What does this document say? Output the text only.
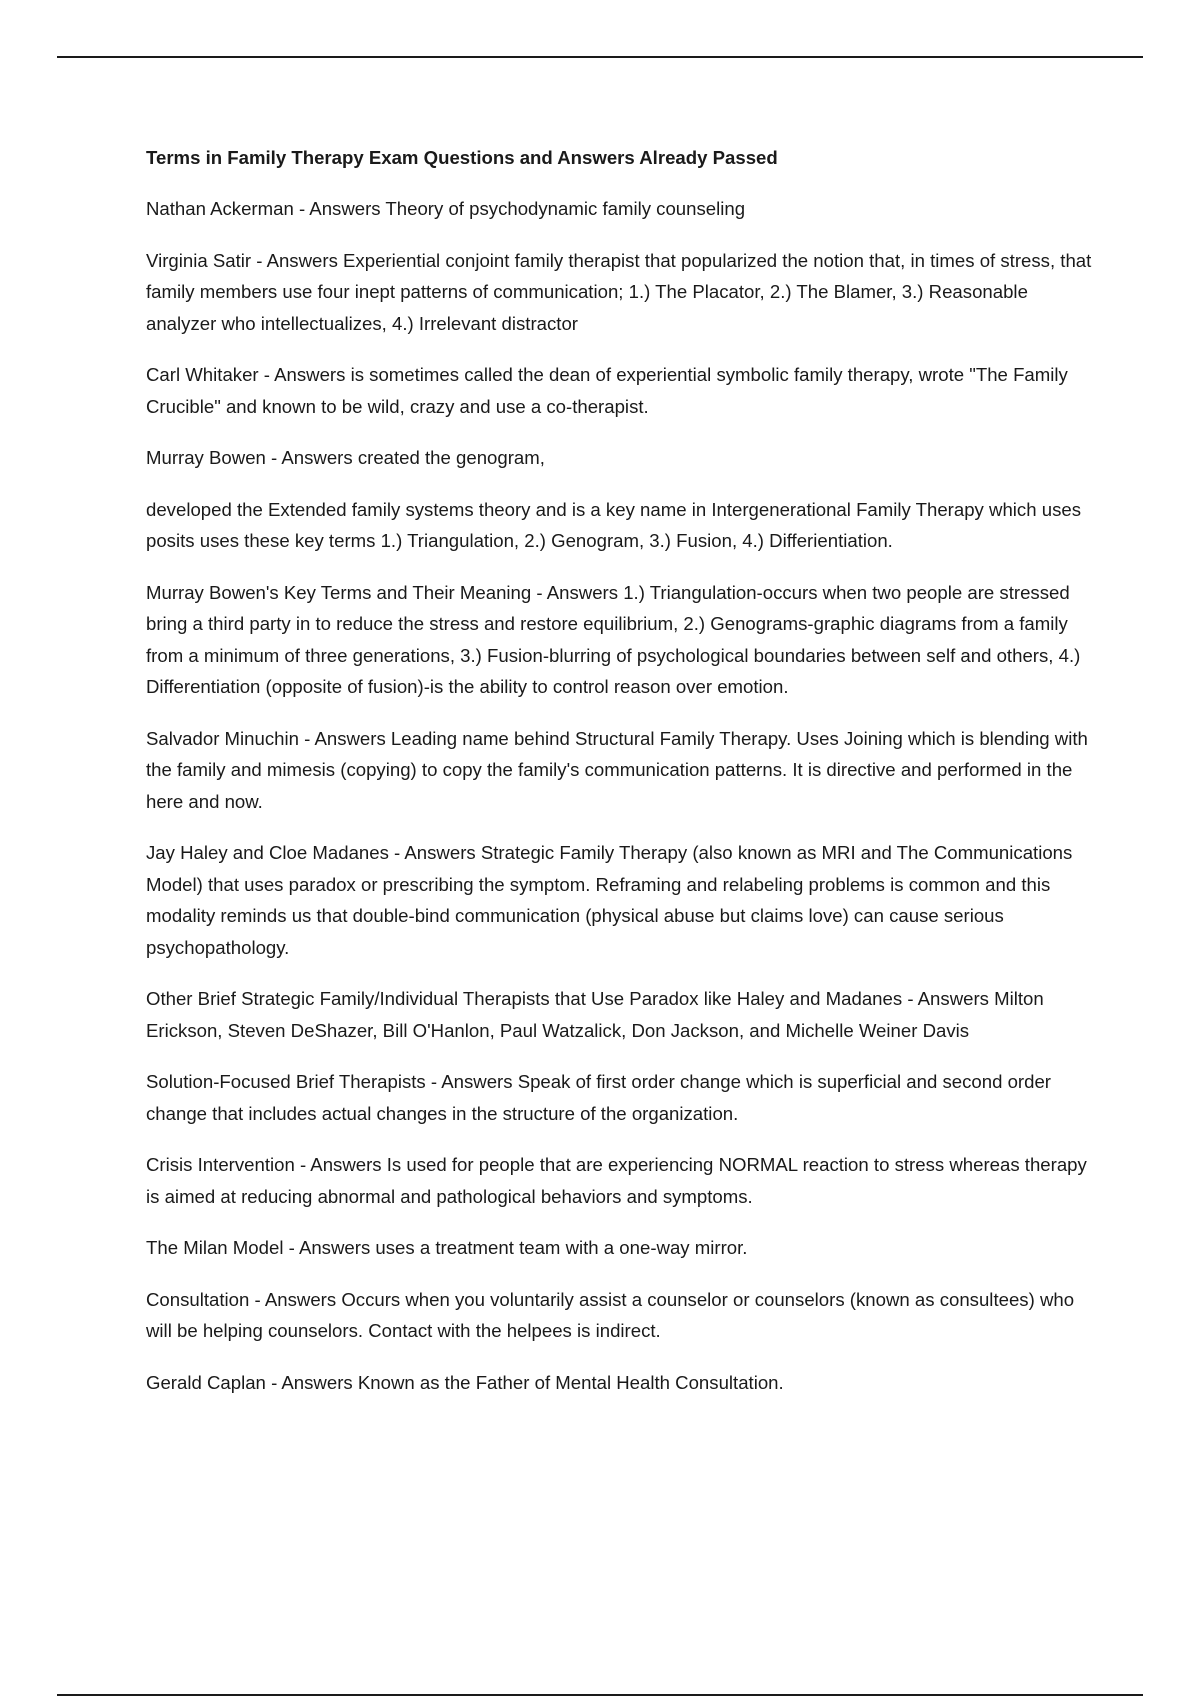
Terms in Family Therapy Exam Questions and Answers Already Passed

Nathan Ackerman - Answers Theory of psychodynamic family counseling

Virginia Satir - Answers Experiential conjoint family therapist that popularized the notion that, in times of stress, that family members use four inept patterns of communication; 1.) The Placator, 2.) The Blamer, 3.) Reasonable analyzer who intellectualizes, 4.) Irrelevant distractor

Carl Whitaker - Answers is sometimes called the dean of experiential symbolic family therapy, wrote "The Family Crucible" and known to be wild, crazy and use a co-therapist.

Murray Bowen - Answers created the genogram,

developed the Extended family systems theory and is a key name in Intergenerational Family Therapy which uses posits uses these key terms 1.) Triangulation, 2.) Genogram, 3.) Fusion, 4.) Differientiation.

Murray Bowen's Key Terms and Their Meaning - Answers 1.) Triangulation-occurs when two people are stressed bring a third party in to reduce the stress and restore equilibrium, 2.) Genograms-graphic diagrams from a family from a minimum of three generations, 3.) Fusion-blurring of psychological boundaries between self and others, 4.) Differentiation (opposite of fusion)-is the ability to control reason over emotion.

Salvador Minuchin - Answers Leading name behind Structural Family Therapy. Uses Joining which is blending with the family and mimesis (copying) to copy the family's communication patterns. It is directive and performed in the here and now.

Jay Haley and Cloe Madanes - Answers Strategic Family Therapy (also known as MRI and The Communications Model) that uses paradox or prescribing the symptom. Reframing and relabeling problems is common and this modality reminds us that double-bind communication (physical abuse but claims love) can cause serious psychopathology.

Other Brief Strategic Family/Individual Therapists that Use Paradox like Haley and Madanes - Answers Milton Erickson, Steven DeShazer, Bill O'Hanlon, Paul Watzalick, Don Jackson, and Michelle Weiner Davis

Solution-Focused Brief Therapists - Answers Speak of first order change which is superficial and second order change that includes actual changes in the structure of the organization.

Crisis Intervention - Answers Is used for people that are experiencing NORMAL reaction to stress whereas therapy is aimed at reducing abnormal and pathological behaviors and symptoms.

The Milan Model - Answers uses a treatment team with a one-way mirror.

Consultation - Answers Occurs when you voluntarily assist a counselor or counselors (known as consultees) who will be helping counselors. Contact with the helpees is indirect.

Gerald Caplan - Answers Known as the Father of Mental Health Consultation.
